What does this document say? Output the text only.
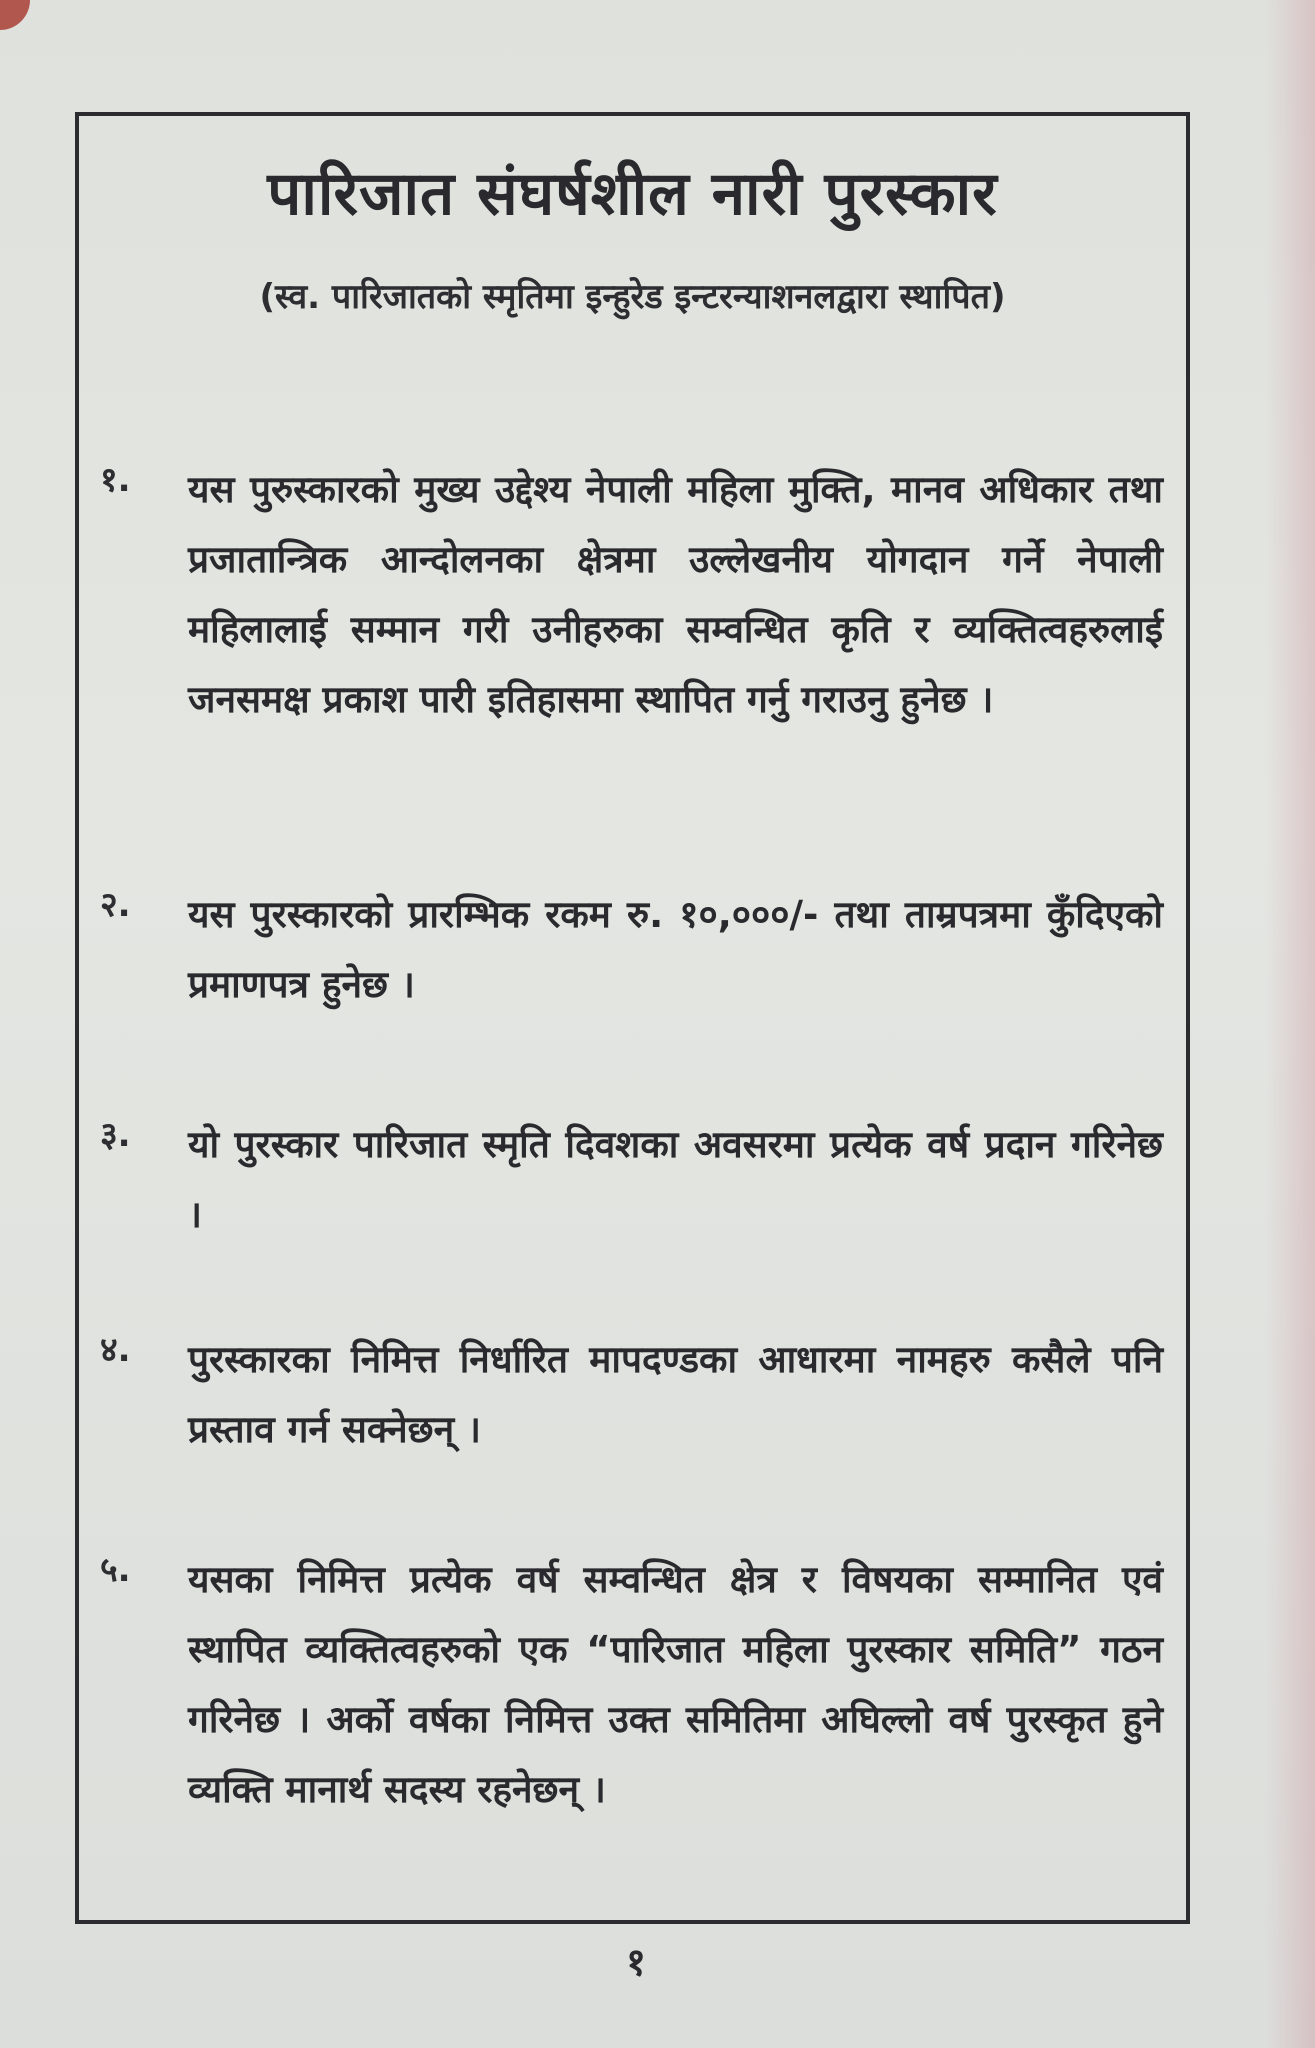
पारिजात संघर्षशील नारी पुरस्कार
(स्व. पारिजातको स्मृतिमा इन्हुरेड इन्टरन्याशनलद्वारा स्थापित)
१.	यस पुरुस्कारको मुख्य उद्देश्य नेपाली महिला मुक्ति, मानव अधिकार तथा प्रजातान्त्रिक आन्दोलनका क्षेत्रमा उल्लेखनीय योगदान गर्ने नेपाली महिलालाई सम्मान गरी उनीहरुका सम्वन्धित कृति र व्यक्तित्वहरुलाई जनसमक्ष प्रकाश पारी इतिहासमा स्थापित गर्नु गराउनु हुनेछ ।
२.	यस पुरस्कारको प्रारम्भिक रकम रु. १०,०००/- तथा ताम्रपत्रमा कुँदिएको प्रमाणपत्र हुनेछ ।
३.	यो पुरस्कार पारिजात स्मृति दिवशका अवसरमा प्रत्येक वर्ष प्रदान गरिनेछ ।
४.	पुरस्कारका निमित्त निर्धारित मापदण्डका आधारमा नामहरु कसैले पनि प्रस्ताव गर्न सक्नेछन् ।
५.	यसका निमित्त प्रत्येक वर्ष सम्वन्धित क्षेत्र र विषयका सम्मानित एवं स्थापित व्यक्तित्वहरुको एक “पारिजात महिला पुरस्कार समिति” गठन गरिनेछ । अर्को वर्षका निमित्त उक्त समितिमा अघिल्लो वर्ष पुरस्कृत हुने व्यक्ति मानार्थ सदस्य रहनेछन् ।
१
